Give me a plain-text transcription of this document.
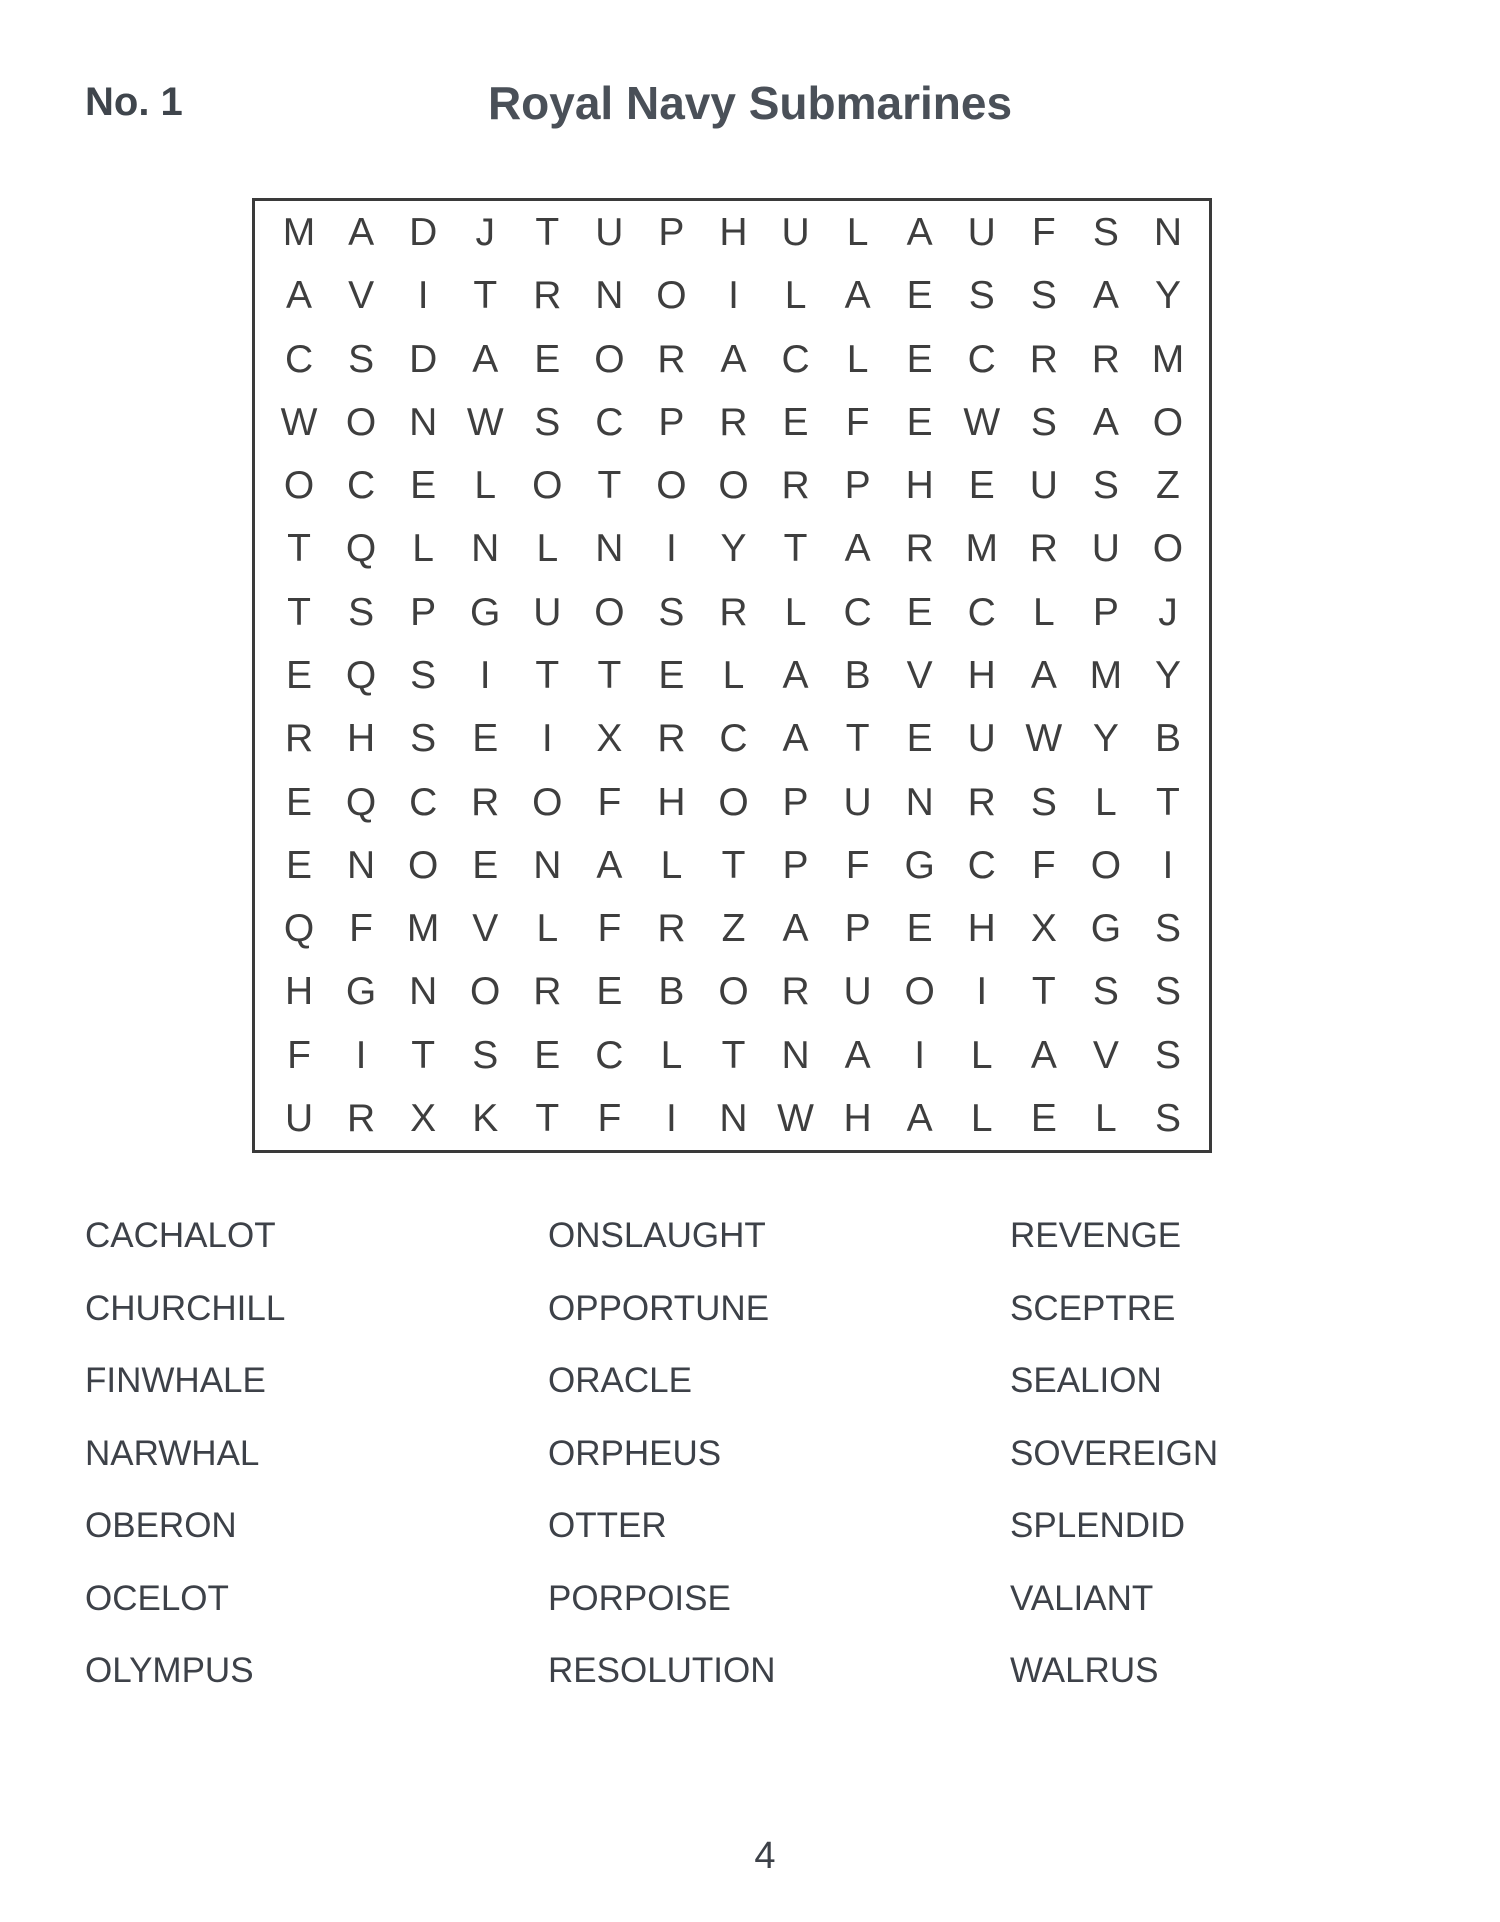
No. 1	Royal Navy Submarines
M A D J	T U P H U L A U F S N
A V	I	T R N O	I	L A E S S A Y
C S D A E O R A C L E C R R M
W O N W S C P R E F E W S A O
O C E L O T O O R P H E U S Z
T Q L N L N	I	Y T A R M R U O
T S P G U O S R L C E C L P	J
E Q S	I	T T E L A B V H A M Y
R H S E	I	X R C A T E U W Y B
E Q C R O F H O P U N R S L	T
E N O E N A L	T P F G C F O	I
Q F M V L	F R Z A P E H X G S
H G N O R E B O R U O	I	T S S
F	I	T S E C L	T N A	I	L A V S
U R X K T F	I	N W H A L E L S
CACHALOT
CHURCHILL
FINWHALE
NARWHAL
OBERON
OCELOT
OLYMPUS
ONSLAUGHT
OPPORTUNE
ORACLE
ORPHEUS
OTTER
PORPOISE
RESOLUTION
REVENGE
SCEPTRE
SEALION
SOVEREIGN
SPLENDID
VALIANT
WALRUS
4
